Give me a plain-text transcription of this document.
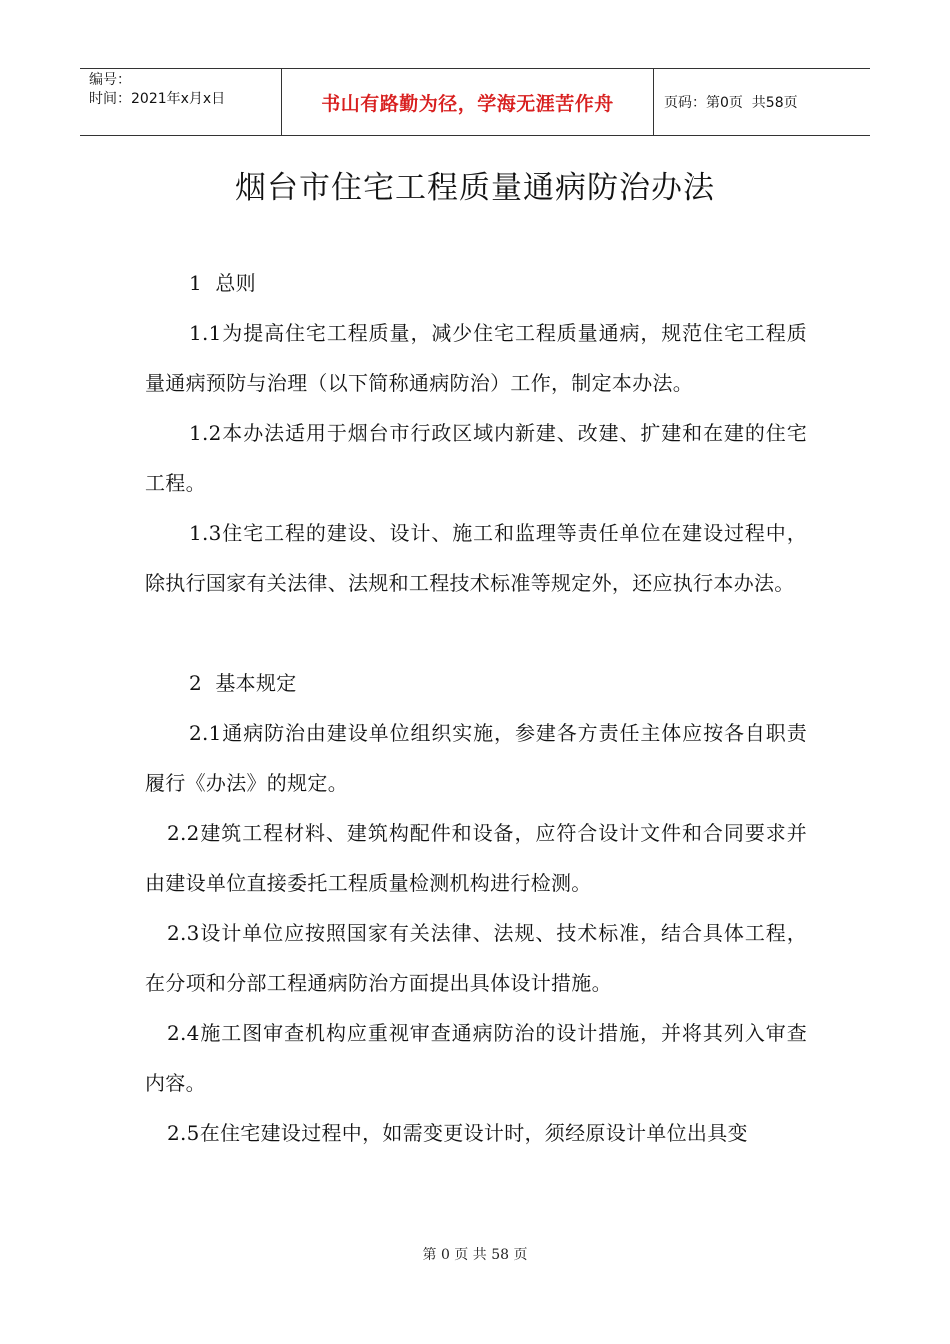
编号：
时间：2021年x月x日	书山有路勤为径，学海无涯苦作舟	页码：第0页  共58页
烟台市住宅工程质量通病防治办法

1  总则

1.1为提高住宅工程质量，减少住宅工程质量通病，规范住宅工程质量通病预防与治理（以下简称通病防治）工作，制定本办法。

1.2本办法适用于烟台市行政区域内新建、改建、扩建和在建的住宅工程。

1.3住宅工程的建设、设计、施工和监理等责任单位在建设过程中，除执行国家有关法律、法规和工程技术标准等规定外，还应执行本办法。

2  基本规定

2.1通病防治由建设单位组织实施，参建各方责任主体应按各自职责履行《办法》的规定。

2.2建筑工程材料、建筑构配件和设备，应符合设计文件和合同要求并由建设单位直接委托工程质量检测机构进行检测。

2.3设计单位应按照国家有关法律、法规、技术标准，结合具体工程，在分项和分部工程通病防治方面提出具体设计措施。

2.4施工图审查机构应重视审查通病防治的设计措施，并将其列入审查内容。

2.5在住宅建设过程中，如需变更设计时，须经原设计单位出具变

第 0 页 共 58 页
